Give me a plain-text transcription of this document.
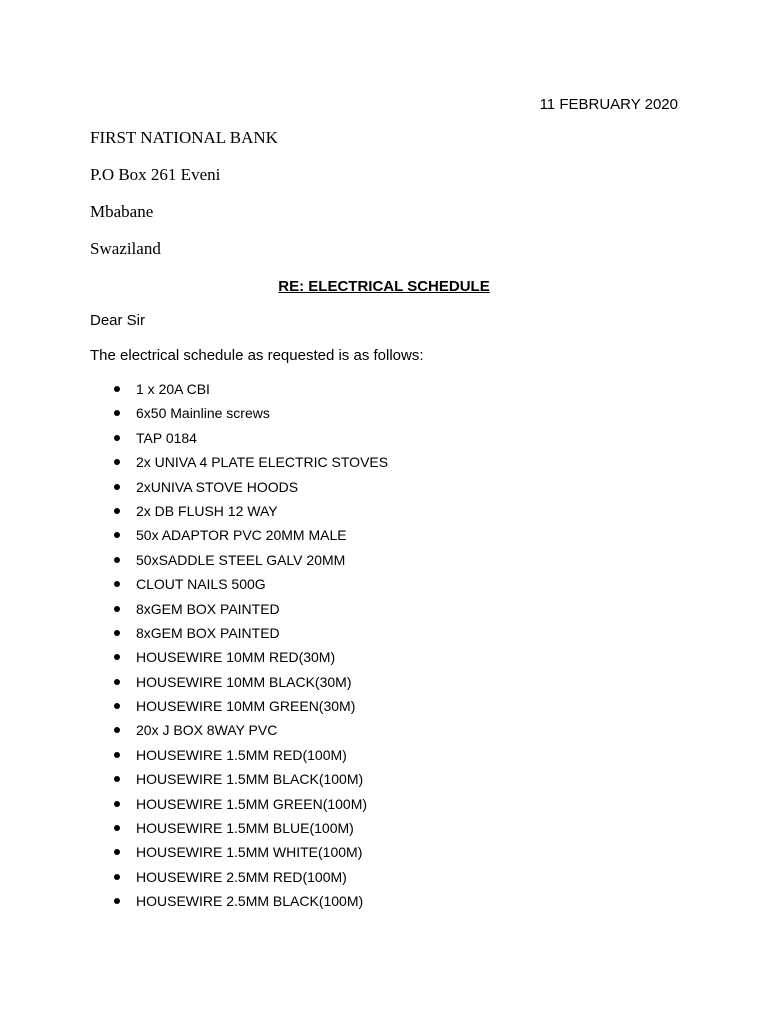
11 FEBRUARY 2020
FIRST NATIONAL BANK
P.O Box 261 Eveni
Mbabane
Swaziland
RE: ELECTRICAL SCHEDULE
Dear Sir
The electrical schedule as requested is as follows:
1 x 20A CBI
6x50 Mainline screws
TAP 0184
2x UNIVA 4 PLATE ELECTRIC STOVES
2xUNIVA STOVE HOODS
2x DB FLUSH 12 WAY
50x ADAPTOR PVC 20MM MALE
50xSADDLE STEEL GALV 20MM
CLOUT NAILS 500G
8xGEM BOX PAINTED
8xGEM BOX PAINTED
HOUSEWIRE 10MM RED(30M)
HOUSEWIRE 10MM BLACK(30M)
HOUSEWIRE 10MM GREEN(30M)
20x J BOX 8WAY PVC
HOUSEWIRE 1.5MM RED(100M)
HOUSEWIRE 1.5MM BLACK(100M)
HOUSEWIRE 1.5MM GREEN(100M)
HOUSEWIRE 1.5MM BLUE(100M)
HOUSEWIRE 1.5MM WHITE(100M)
HOUSEWIRE 2.5MM RED(100M)
HOUSEWIRE 2.5MM BLACK(100M)
